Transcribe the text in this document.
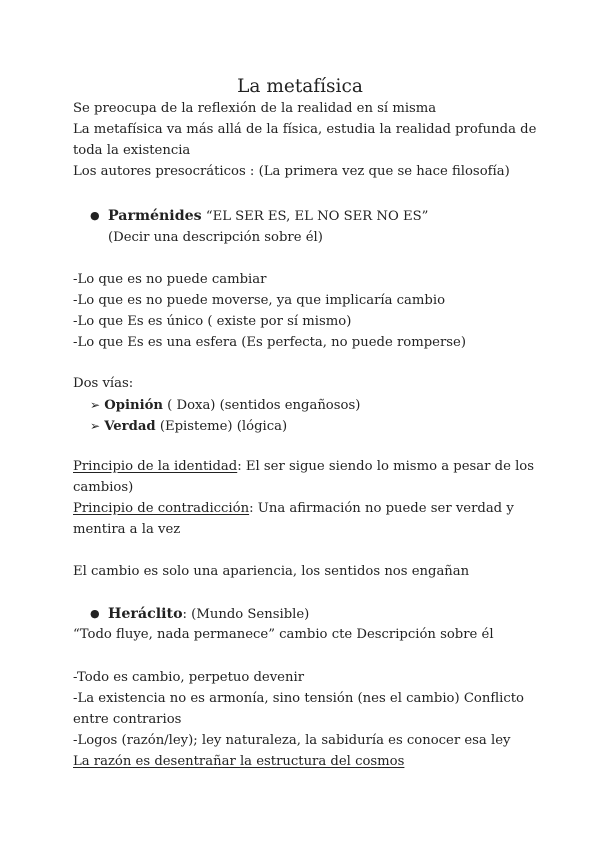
La metafísica
Se preocupa de la reflexión de la realidad en sí misma
La metafísica va más allá de la física, estudia la realidad profunda de
toda la existencia
Los autores presocráticos : (La primera vez que se hace filosofía)
● Parménides “EL SER ES, EL NO SER NO ES”
(Decir una descripción sobre él)
-Lo que es no puede cambiar
-Lo que es no puede moverse, ya que implicaría cambio
-Lo que Es es único ( existe por sí mismo)
-Lo que Es es una esfera (Es perfecta, no puede romperse)
Dos vías:
➢ Opinión ( Doxa) (sentidos engañosos)
➢ Verdad (Episteme) (lógica)
Principio de la identidad: El ser sigue siendo lo mismo a pesar de los
cambios)
Principio de contradicción: Una afirmación no puede ser verdad y
mentira a la vez
El cambio es solo una apariencia, los sentidos nos engañan
● Heráclito: (Mundo Sensible)
“Todo fluye, nada permanece” cambio cte Descripción sobre él
-Todo es cambio, perpetuo devenir
-La existencia no es armonía, sino tensión (nes el cambio) Conflicto
entre contrarios
-Logos (razón/ley); ley naturaleza, la sabiduría es conocer esa ley
La razón es desentrañar la estructura del cosmos
